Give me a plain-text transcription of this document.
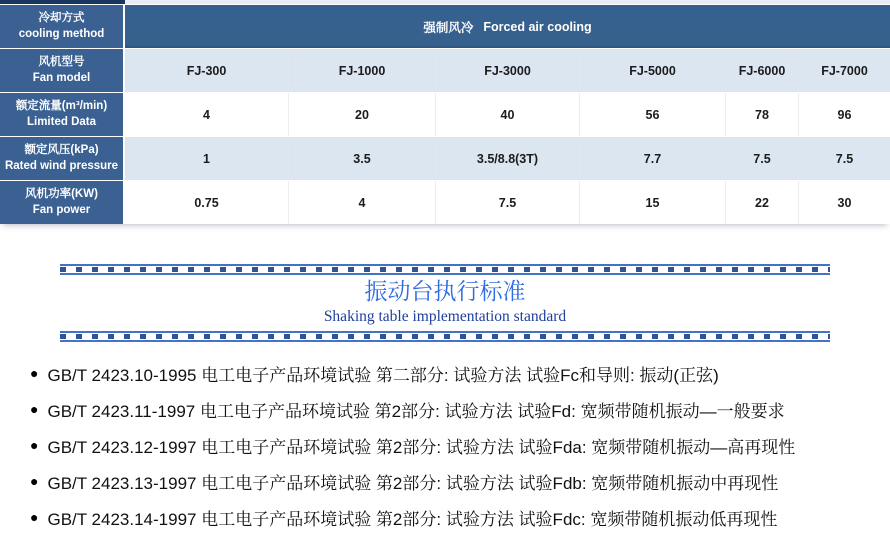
冷却方式
cooling method	强制风冷 Forced air cooling
风机型号
Fan model	FJ-300	FJ-1000	FJ-3000	FJ-5000	FJ-6000	FJ-7000
额定流量(m³/min)
Limited Data	4	20	40	56	78	96
额定风压(kPa)
Rated wind pressure	1	3.5	3.5/8.8(3T)	7.7	7.5	7.5
风机功率(KW)
Fan power	0.75	4	7.5	15	22	30
振动台执行标准
Shaking table implementation standard
● GB/T 2423.10-1995 电工电子产品环境试验 第二部分: 试验方法 试验Fc和导则: 振动(正弦)
● GB/T 2423.11-1997 电工电子产品环境试验 第2部分: 试验方法 试验Fd: 宽频带随机振动—一般要求
● GB/T 2423.12-1997 电工电子产品环境试验 第2部分: 试验方法 试验Fda: 宽频带随机振动—高再现性
● GB/T 2423.13-1997 电工电子产品环境试验 第2部分: 试验方法 试验Fdb: 宽频带随机振动中再现性
● GB/T 2423.14-1997 电工电子产品环境试验 第2部分: 试验方法 试验Fdc: 宽频带随机振动低再现性
